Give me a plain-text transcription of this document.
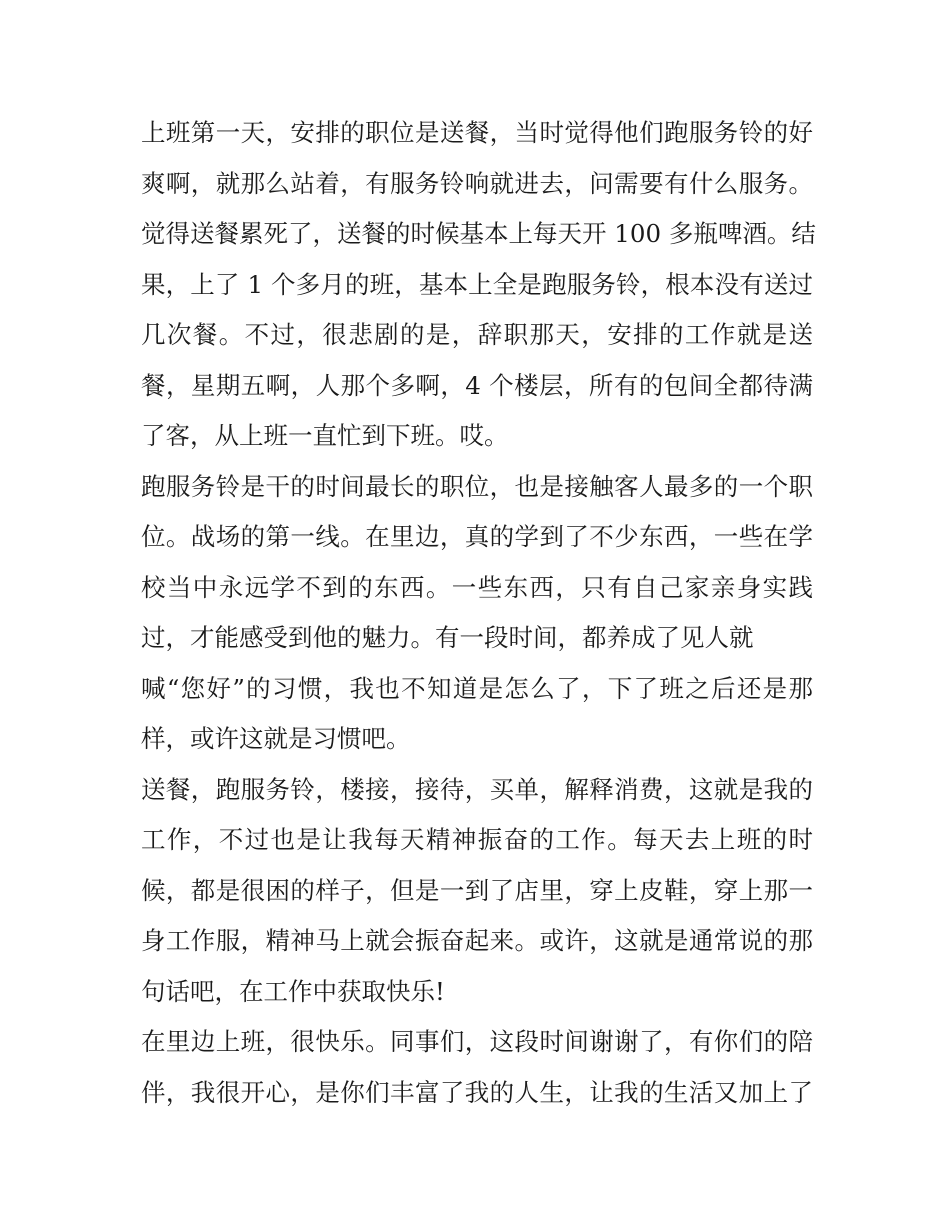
上班第一天，安排的职位是送餐，当时觉得他们跑服务铃的好
爽啊，就那么站着，有服务铃响就进去，问需要有什么服务。
觉得送餐累死了，送餐的时候基本上每天开 100 多瓶啤酒。结
果，上了 1 个多月的班，基本上全是跑服务铃，根本没有送过
几次餐。不过，很悲剧的是，辞职那天，安排的工作就是送
餐，星期五啊，人那个多啊，4 个楼层，所有的包间全都待满
了客，从上班一直忙到下班。哎。
跑服务铃是干的时间最长的职位，也是接触客人最多的一个职
位。战场的第一线。在里边，真的学到了不少东西，一些在学
校当中永远学不到的东西。一些东西，只有自己家亲身实践
过，才能感受到他的魅力。有一段时间，都养成了见人就
喊“您好”的习惯，我也不知道是怎么了，下了班之后还是那
样，或许这就是习惯吧。
送餐，跑服务铃，楼接，接待，买单，解释消费，这就是我的
工作，不过也是让我每天精神振奋的工作。每天去上班的时
候，都是很困的样子，但是一到了店里，穿上皮鞋，穿上那一
身工作服，精神马上就会振奋起来。或许，这就是通常说的那
句话吧，在工作中获取快乐!
在里边上班，很快乐。同事们，这段时间谢谢了，有你们的陪
伴，我很开心，是你们丰富了我的人生，让我的生活又加上了
